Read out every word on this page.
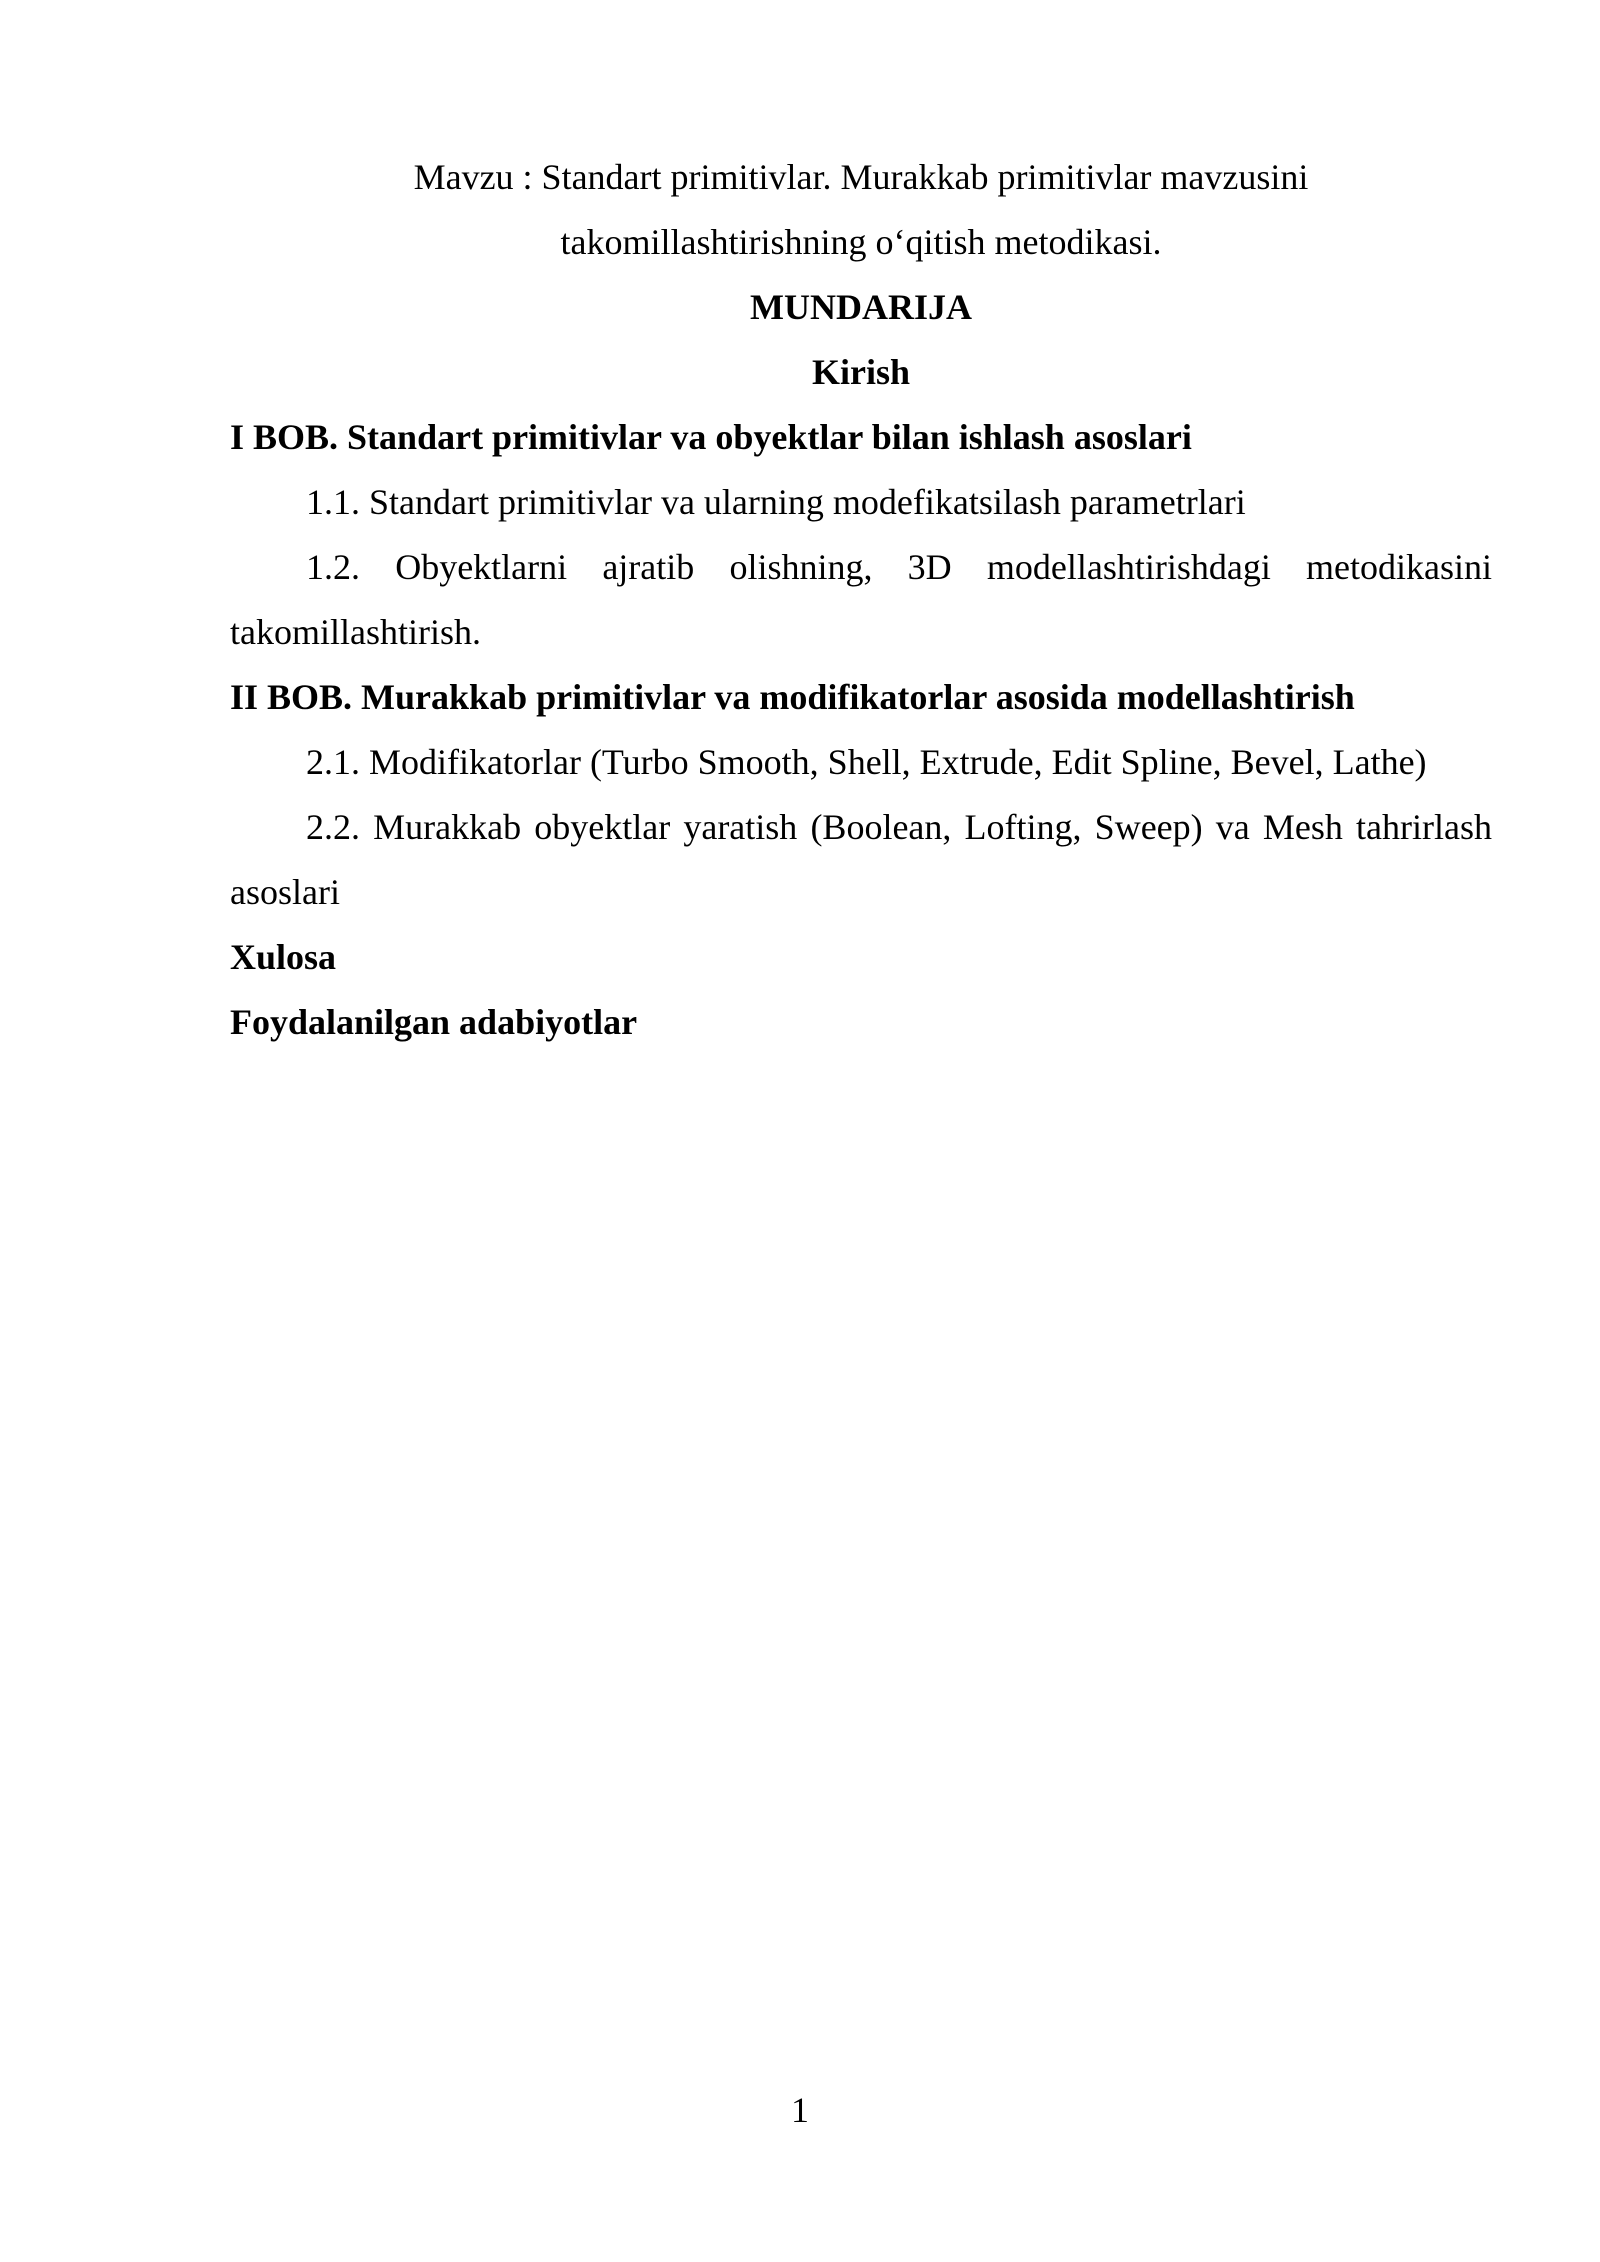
Mavzu : Standart primitivlar. Murakkab primitivlar mavzusini
takomillashtirishning o‘qitish metodikasi.
MUNDARIJA
Kirish
I BOB. Standart primitivlar va obyektlar bilan ishlash asoslari
1.1. Standart primitivlar va ularning modefikatsilash parametrlari
1.2. Obyektlarni ajratib olishning, 3D modellashtirishdagi metodikasini
takomillashtirish.
II BOB. Murakkab primitivlar va modifikatorlar asosida modellashtirish
2.1. Modifikatorlar (Turbo Smooth, Shell, Extrude, Edit Spline, Bevel, Lathe)
2.2. Murakkab obyektlar yaratish (Boolean, Lofting, Sweep) va Mesh tahrirlash
asoslari
Xulosa
Foydalanilgan adabiyotlar
1
